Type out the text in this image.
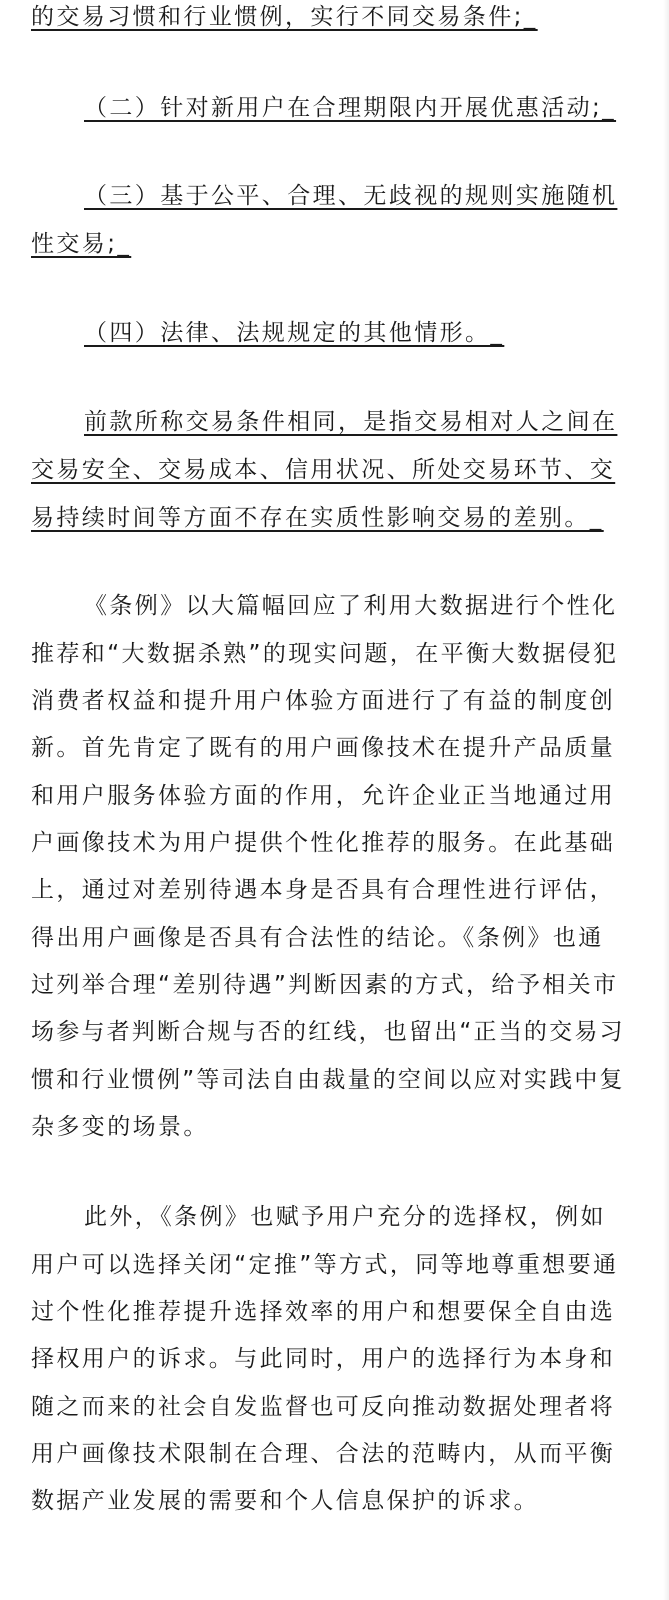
的交易习惯和行业惯例，实行不同交易条件;_
（二）针对新用户在合理期限内开展优惠活动;_
（三）基于公平、合理、无歧视的规则实施随机
性交易;_
（四）法律、法规规定的其他情形。_
前款所称交易条件相同，是指交易相对人之间在
交易安全、交易成本、信用状况、所处交易环节、交
易持续时间等方面不存在实质性影响交易的差别。_
《条例》以大篇幅回应了利用大数据进行个性化
推荐和“大数据杀熟”的现实问题，在平衡大数据侵犯
消费者权益和提升用户体验方面进行了有益的制度创
新。首先肯定了既有的用户画像技术在提升产品质量
和用户服务体验方面的作用，允许企业正当地通过用
户画像技术为用户提供个性化推荐的服务。在此基础
上，通过对差别待遇本身是否具有合理性进行评估，
得出用户画像是否具有合法性的结论。《条例》也通
过列举合理“差别待遇”判断因素的方式，给予相关市
场参与者判断合规与否的红线，也留出“正当的交易习
惯和行业惯例”等司法自由裁量的空间以应对实践中复
杂多变的场景。
此外，《条例》也赋予用户充分的选择权，例如
用户可以选择关闭“定推”等方式，同等地尊重想要通
过个性化推荐提升选择效率的用户和想要保全自由选
择权用户的诉求。与此同时，用户的选择行为本身和
随之而来的社会自发监督也可反向推动数据处理者将
用户画像技术限制在合理、合法的范畴内，从而平衡
数据产业发展的需要和个人信息保护的诉求。
